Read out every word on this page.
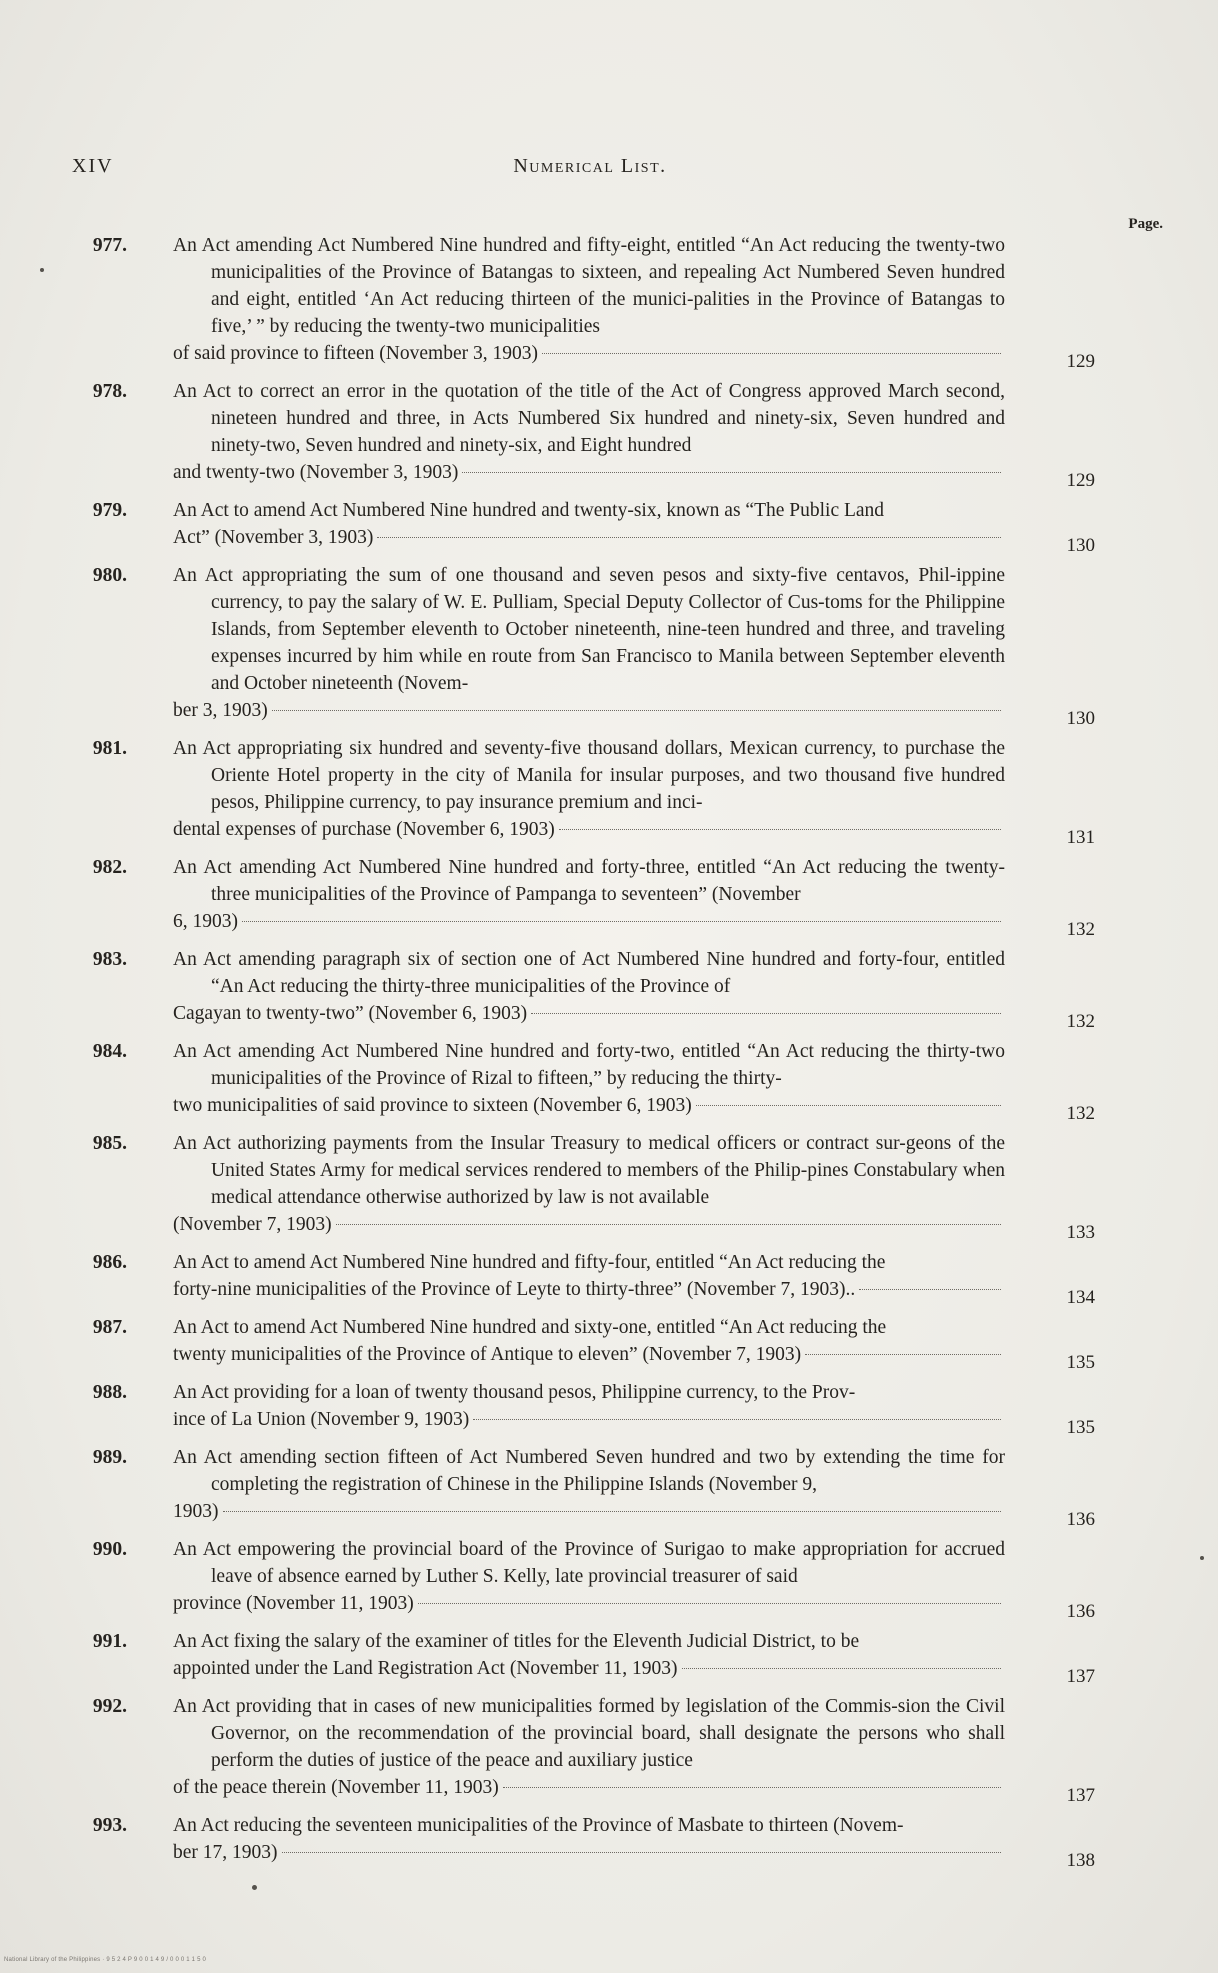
XIV	Numerical List.
Page.
977. An Act amending Act Numbered Nine hundred and fifty-eight, entitled “An Act reducing the twenty-two municipalities of the Province of Batangas to sixteen, and repealing Act Numbered Seven hundred and eight, entitled ‘An Act reducing thirteen of the munici-palities in the Province of Batangas to five,’ ” by reducing the twenty-two municipalities
of said province to fifteen (November 3, 1903)	129
978. An Act to correct an error in the quotation of the title of the Act of Congress approved March second, nineteen hundred and three, in Acts Numbered Six hundred and ninety-six, Seven hundred and ninety-two, Seven hundred and ninety-six, and Eight hundred
and twenty-two (November 3, 1903)	129
979. An Act to amend Act Numbered Nine hundred and twenty-six, known as “The Public Land
Act” (November 3, 1903)	130
980. An Act appropriating the sum of one thousand and seven pesos and sixty-five centavos, Phil-ippine currency, to pay the salary of W. E. Pulliam, Special Deputy Collector of Cus-toms for the Philippine Islands, from September eleventh to October nineteenth, nine-teen hundred and three, and traveling expenses incurred by him while en route from San Francisco to Manila between September eleventh and October nineteenth (Novem-
ber 3, 1903)	130
981. An Act appropriating six hundred and seventy-five thousand dollars, Mexican currency, to purchase the Oriente Hotel property in the city of Manila for insular purposes, and two thousand five hundred pesos, Philippine currency, to pay insurance premium and inci-
dental expenses of purchase (November 6, 1903)	131
982. An Act amending Act Numbered Nine hundred and forty-three, entitled “An Act reducing the twenty-three municipalities of the Province of Pampanga to seventeen” (November
6, 1903)	132
983. An Act amending paragraph six of section one of Act Numbered Nine hundred and forty-four, entitled “An Act reducing the thirty-three municipalities of the Province of
Cagayan to twenty-two” (November 6, 1903)	132
984. An Act amending Act Numbered Nine hundred and forty-two, entitled “An Act reducing the thirty-two municipalities of the Province of Rizal to fifteen,” by reducing the thirty-
two municipalities of said province to sixteen (November 6, 1903)	132
985. An Act authorizing payments from the Insular Treasury to medical officers or contract sur-geons of the United States Army for medical services rendered to members of the Philip-pines Constabulary when medical attendance otherwise authorized by law is not available
(November 7, 1903)	133
986. An Act to amend Act Numbered Nine hundred and fifty-four, entitled “An Act reducing the
forty-nine municipalities of the Province of Leyte to thirty-three” (November 7, 1903)..	134
987. An Act to amend Act Numbered Nine hundred and sixty-one, entitled “An Act reducing the
twenty municipalities of the Province of Antique to eleven” (November 7, 1903)	135
988. An Act providing for a loan of twenty thousand pesos, Philippine currency, to the Prov-
ince of La Union (November 9, 1903)	135
989. An Act amending section fifteen of Act Numbered Seven hundred and two by extending the time for completing the registration of Chinese in the Philippine Islands (November 9,
1903)	136
990. An Act empowering the provincial board of the Province of Surigao to make appropriation for accrued leave of absence earned by Luther S. Kelly, late provincial treasurer of said
province (November 11, 1903)	136
991. An Act fixing the salary of the examiner of titles for the Eleventh Judicial District, to be
appointed under the Land Registration Act (November 11, 1903)	137
992. An Act providing that in cases of new municipalities formed by legislation of the Commis-sion the Civil Governor, on the recommendation of the provincial board, shall designate the persons who shall perform the duties of justice of the peace and auxiliary justice
of the peace therein (November 11, 1903)	137
993. An Act reducing the seventeen municipalities of the Province of Masbate to thirteen (Novem-
ber 17, 1903)	138
National Library of the Philippines · 9 5 2 4 P 9 0 0 1 4 9 / 0 0 0 1 1 5 0
